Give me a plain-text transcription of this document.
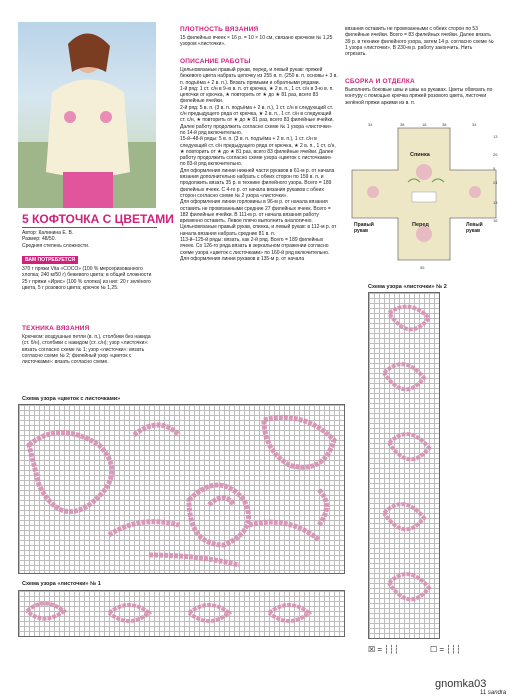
5 КОФТОЧКА С ЦВЕТАМИ
Автор: Калинина Е. В.
Размер: 48/50.
Средняя степень сложности.
ВАМ ПОТРЕБУЕТСЯ
370 г пряжи Vita «COCO» (100 % мерсеризованного хлопка; 240 м/50 г) бежевого цвета; в общей сложности 25 г пряжи «Ирис» (100 % хлопка) из них: 20 г зелёного цвета, 5 г розового цвета; крючок № 1,25.
ТЕХНИКА ВЯЗАНИЯ
Крючком: воздушные петли (в. п.), столбики без накида (ст. б/н), столбики с накидом (ст. с/н); узор «листочки»: вязать согласно схеме № 1; узор «листочки»: вязать согласно схеме № 2; филейный узор «цветок с листочками»: вязать согласно схеме.
ПЛОТНОСТЬ ВЯЗАНИЯ
15 филейных ячеек × 16 р. = 10 × 10 см, связано крючком № 1,25 узором «листочки».
ОПИСАНИЕ РАБОТЫ
Цельновязаные правый рукав, перед, и левый рукав: пряжей бежевого цвета набрать цепочку из 255 в. п. (250 в. п. основы + 3 в. п. подъёма + 2 в. п.). Вязать прямыми и обратными рядами.
1-й ряд: 1 ст. с/н в 9-ю в. п. от крючка, ★ 2 в. п., 1 ст. с/н в 3-ю в. п. цепочки от крючка, ★ повторить от ★ до ★ 81 раз, всего 83 филейные ячейки.
2-й ряд: 5 в. п. (3 в. п. подъёма + 2 в. п.), 1 ст. с/н в следующий ст. с/н предыдущего ряда от крючка, ★ 2 в. п., 1 ст. с/н в следующий ст. с/н, ★ повторить от ★ до ★ 81 раз, всего 83 филейные ячейки. Далее работу продолжить согласно схеме № 1 узора «листочки» по 14-й ряд включительно.
15-й–48-й ряды: 5 в. п. (3 в. п. подъёма + 2 в. п.), 1 ст. с/н в следующий ст. с/н предыдущего ряда от крючка, ★ 2 в. п., 1 ст. с/н, ★ повторить от ★ до ★ 81 раз, всего 83 филейные ячейки. Далее работу продолжить согласно схеме узора «цветок с листочками» по 83-й ряд включительно.
Для оформления линии нижней части рукавов в 61-м р. от начала вязания дополнительно набрать с обеих сторон по 159 в. п. и продолжить вязать 35 р. в технике филейного узора. Всего = 189 филейных ячеек. С 4-го р. от начала вязания рукавов с обеих сторон согласно схеме № 2 узора «листочки».
Для оформления линии горловины в 96-м р. от начала вязания оставить не провязанными средние 27 филейных ячеек. Всего = 182 филейные ячейки. В 111-м р. от начала вязания работу временно оставить. Левое плечо выполнить аналогично.
Цельновязаные правый рукав, спинка, и левый рукав: в 112-м р. от начала вязания набрать средние 81 в. п.
113-й–125-й ряды: вязать, как 2-й ряд. Всего = 189 филейных ячеек. Со 126-го ряда вязать в зеркальном отражении согласно схеме узора «цветок с листочками» по 160-й ряд включительно.
Для оформления линии рукавов в 135-м р. от начала
вязания оставить не провязанными с обеих сторон по 53 филейные ячейки. Всего = 83 филейных ячейки. Далее вязать 39 р. в технике филейного узора, затем 14 р. согласно схеме № 1 узора «листочки». В 230-м р. работу закончить. Нить отрезать.
СБОРКА И ОТДЕЛКА
Выполнить боковые швы и швы на рукавах. Цветы обвязать по контуру с помощью крючка пряжей розового цвета, листочки зелёной пряжи аркими из в. п.
Спинка
Перед
Правый рукав
Левый рукав
34	38	18	38	34
13
26
5
24
13
16
55
Схема узора «листочки» № 2
Схема узора «цветок с листочками»
Схема узора «листочки» № 1
☒ = ┆┆┆	☐ = ┆┆┆
gnomka03
11 sandra
